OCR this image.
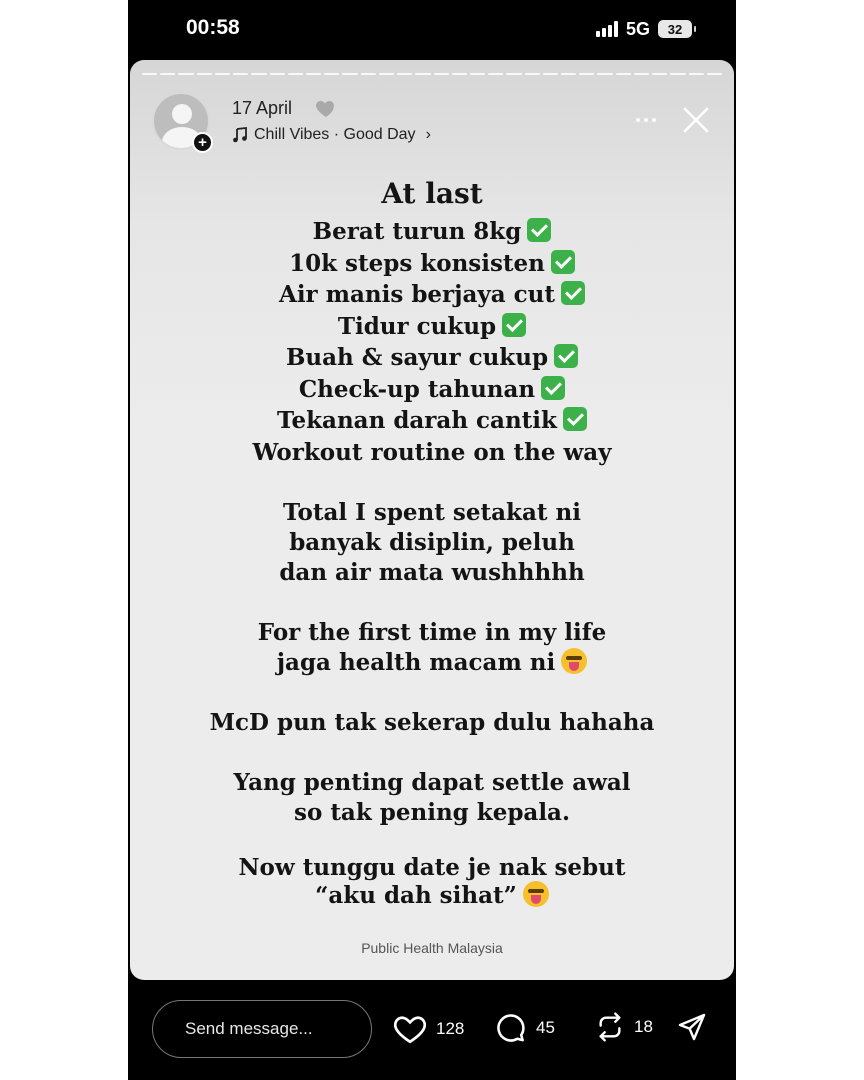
00:58	5G	32
+
17 April
Chill Vibes · Good Day ›
At last
Berat turun 8kg
10k steps konsisten
Air manis berjaya cut
Tidur cukup
Buah & sayur cukup
Check-up tahunan
Tekanan darah cantik
Workout routine on the way
Total I spent setakat ni
banyak disiplin, peluh
dan air mata wushhhhh
For the first time in my life
jaga health macam ni
McD pun tak sekerap dulu hahaha
Yang penting dapat settle awal
so tak pening kepala.
Now tunggu date je nak sebut
“aku dah sihat”
Public Health Malaysia
Send message...	128	45	18
